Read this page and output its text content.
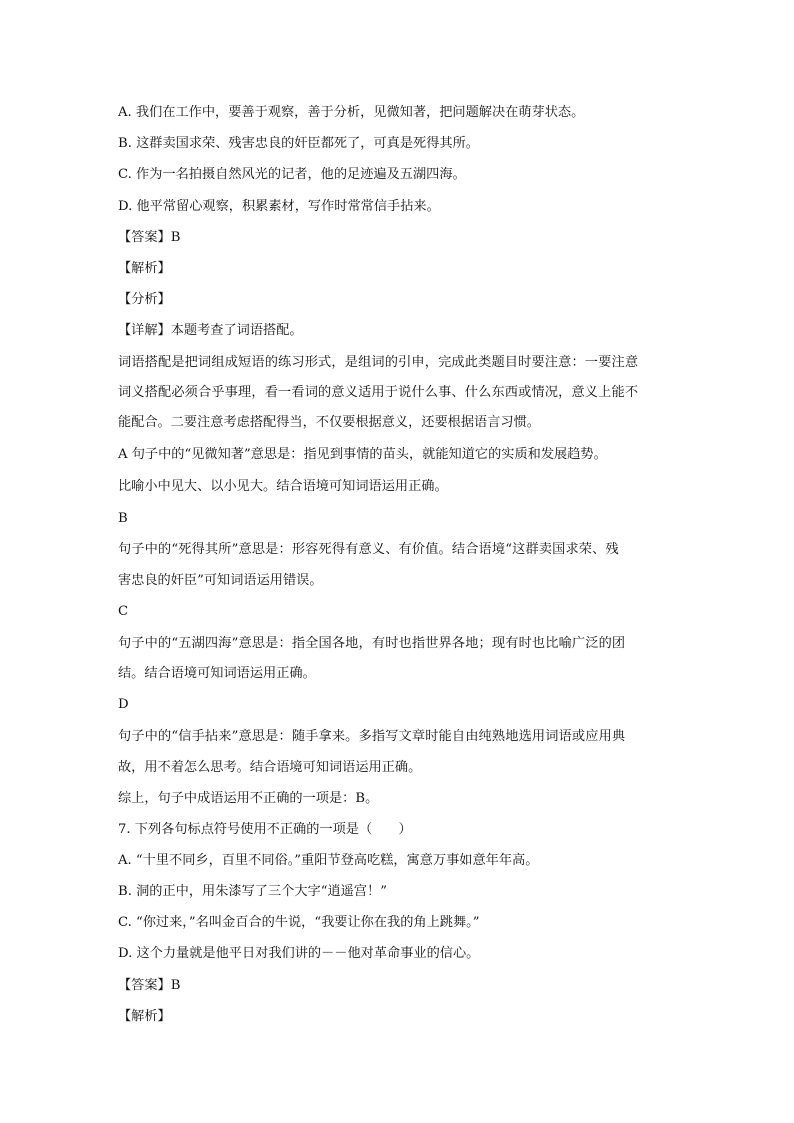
A. 我们在工作中，要善于观察，善于分析，见微知著，把问题解决在萌芽状态。
B. 这群卖国求荣、残害忠良的奸臣都死了，可真是死得其所。
C. 作为一名拍摄自然风光的记者，他的足迹遍及五湖四海。
D. 他平常留心观察，积累素材，写作时常常信手拈来。
【答案】B
【解析】
【分析】
【详解】本题考查了词语搭配。
词语搭配是把词组成短语的练习形式，是组词的引申，完成此类题目时要注意：一要注意
词义搭配必须合乎事理，看一看词的意义适用于说什么事、什么东西或情况，意义上能不
能配合。二要注意考虑搭配得当，不仅要根据意义，还要根据语言习惯。
A 句子中的“见微知著”意思是：指见到事情的苗头，就能知道它的实质和发展趋势。
比喻小中见大、以小见大。结合语境可知词语运用正确。
B
句子中的“死得其所”意思是：形容死得有意义、有价值。结合语境“这群卖国求荣、残
害忠良的奸臣”可知词语运用错误。
C
句子中的“五湖四海”意思是：指全国各地，有时也指世界各地；现有时也比喻广泛的团
结。结合语境可知词语运用正确。
D
句子中的“信手拈来”意思是：随手拿来。多指写文章时能自由纯熟地选用词语或应用典
故，用不着怎么思考。结合语境可知词语运用正确。
综上，句子中成语运用不正确的一项是：B。
7. 下列各句标点符号使用不正确的一项是（　　）
A. “十里不同乡，百里不同俗。”重阳节登高吃糕，寓意万事如意年年高。
B. 洞的正中，用朱漆写了三个大字“逍遥宫！”
C. “你过来，”名叫金百合的牛说，“我要让你在我的角上跳舞。”
D. 这个力量就是他平日对我们讲的－－他对革命事业的信心。
【答案】B
【解析】
